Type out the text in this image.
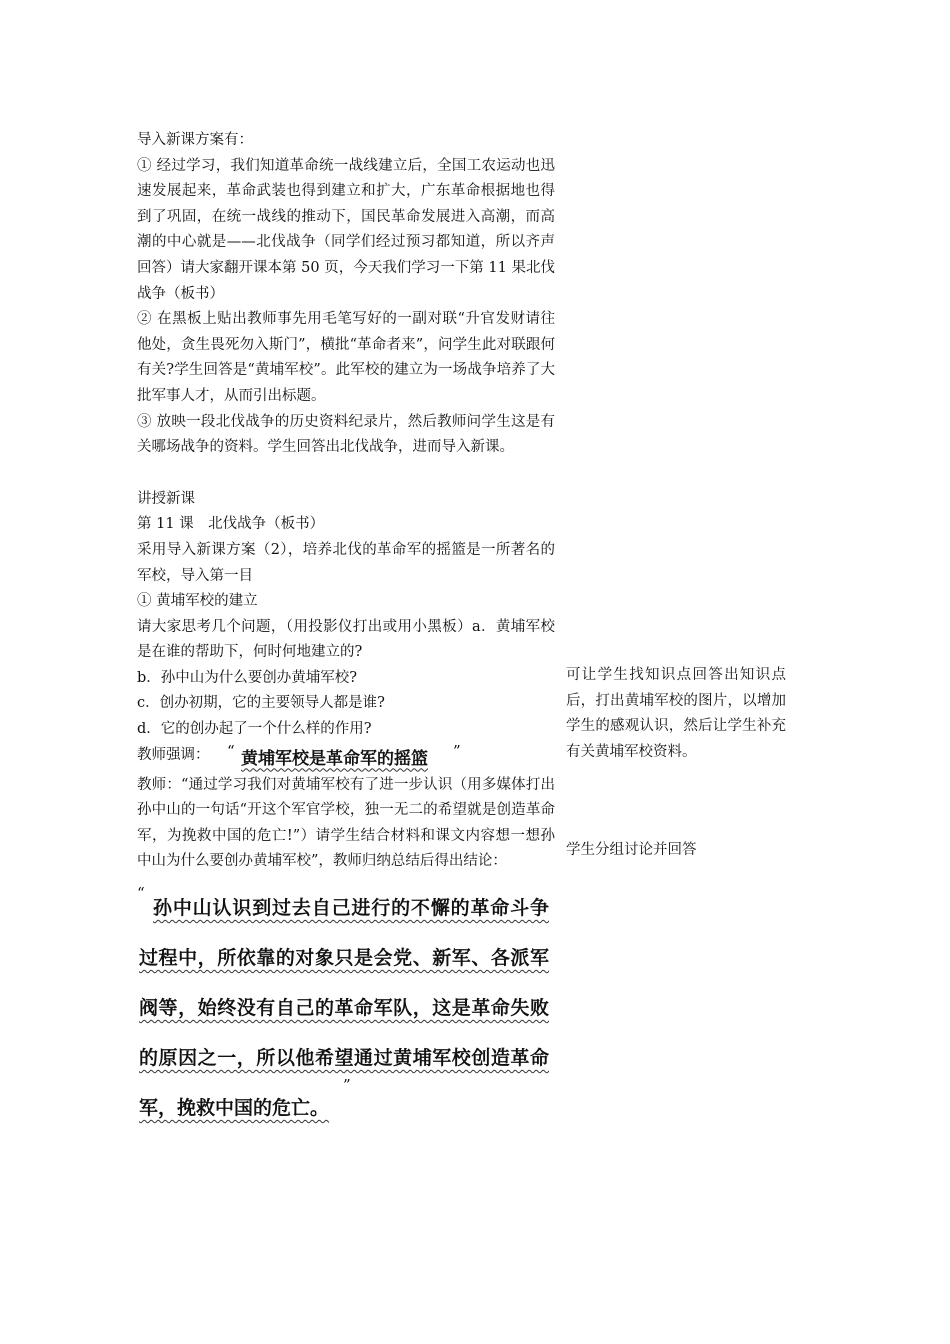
导入新课方案有：

① 经过学习，我们知道革命统一战线建立后，全国工农运动也迅速发展起来，革命武装也得到建立和扩大，广东革命根据地也得到了巩固，在统一战线的推动下，国民革命发展进入高潮，而高潮的中心就是——北伐战争（同学们经过预习都知道，所以齐声回答）请大家翻开课本第 50 页，今天我们学习一下第 11 果北伐战争（板书）

② 在黑板上贴出教师事先用毛笔写好的一副对联“升官发财请往他处，贪生畏死勿入斯门”，横批“革命者来”，问学生此对联跟何有关?学生回答是“黄埔军校”。此军校的建立为一场战争培养了大批军事人才，从而引出标题。

③ 放映一段北伐战争的历史资料纪录片，然后教师问学生这是有关哪场战争的资料。学生回答出北伐战争，进而导入新课。

讲授新课

第 11 课　北伐战争（板书）

采用导入新课方案（2），培养北伐的革命军的摇篮是一所著名的军校，导入第一目

① 黄埔军校的建立

请大家思考几个问题，（用投影仪打出或用小黑板）a．黄埔军校是在谁的帮助下，何时何地建立的?

b．孙中山为什么要创办黄埔军校?

c．创办初期，它的主要领导人都是谁?

d．它的创办起了一个什么样的作用?

教师强调： “ 黄埔军校是革命军的摇篮 ”

教师：“通过学习我们对黄埔军校有了进一步认识（用多媒体打出孙中山的一句话“开这个军官学校，独一无二的希望就是创造革命军，为挽救中国的危亡!”）请学生结合材料和课文内容想一想孙中山为什么要创办黄埔军校”，教师归纳总结后得出结论：

“
孙中山认识到过去自己进行的不懈的革命斗争过程中，所依靠的对象只是会党、新军、各派军阀等，始终没有自己的革命军队，这是革命失败的原因之一，所以他希望通过黄埔军校创造革命军，挽救中国的危亡。
”
可让学生找知识点回答出知识点后，打出黄埔军校的图片，以增加学生的感观认识，然后让学生补充有关黄埔军校资料。
学生分组讨论并回答
